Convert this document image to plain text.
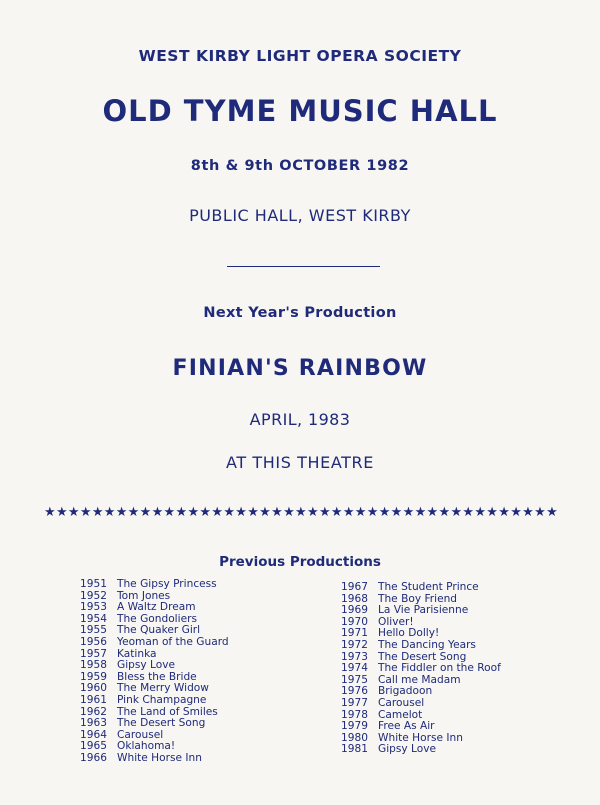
WEST KIRBY LIGHT OPERA SOCIETY
OLD TYME MUSIC HALL
8th & 9th OCTOBER 1982
PUBLIC HALL, WEST KIRBY
Next Year's Production
FINIAN'S RAINBOW
APRIL, 1983
AT THIS THEATRE
★★★★★★★★★★★★★★★★★★★★★★★★★★★★★★★★★★★★★★★★★★★
Previous Productions
1951 The Gipsy Princess
1952 Tom Jones
1953 A Waltz Dream
1954 The Gondoliers
1955 The Quaker Girl
1956 Yeoman of the Guard
1957 Katinka
1958 Gipsy Love
1959 Bless the Bride
1960 The Merry Widow
1961 Pink Champagne
1962 The Land of Smiles
1963 The Desert Song
1964 Carousel
1965 Oklahoma!
1966 White Horse Inn
1967 The Student Prince
1968 The Boy Friend
1969 La Vie Parisienne
1970 Oliver!
1971 Hello Dolly!
1972 The Dancing Years
1973 The Desert Song
1974 The Fiddler on the Roof
1975 Call me Madam
1976 Brigadoon
1977 Carousel
1978 Camelot
1979 Free As Air
1980 White Horse Inn
1981 Gipsy Love
